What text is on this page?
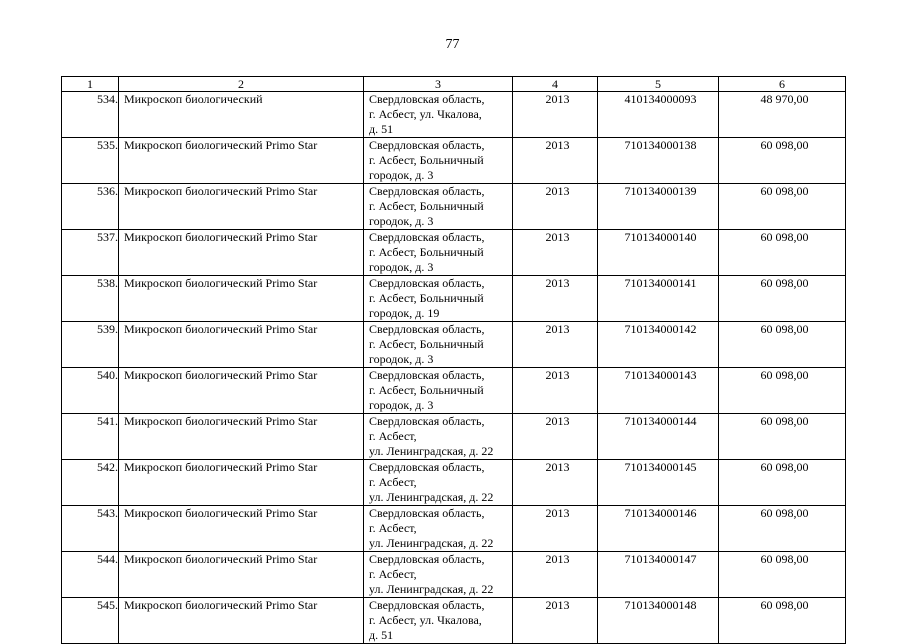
77
1	2	3	4	5	6
534.	Микроскоп биологический	Свердловская область,
г. Асбест, ул. Чкалова,
д. 51	2013	410134000093	48 970,00
535.	Микроскоп биологический Primo Star	Свердловская область,
г. Асбест, Больничный
городок, д. 3	2013	710134000138	60 098,00
536.	Микроскоп биологический Primo Star	Свердловская область,
г. Асбест, Больничный
городок, д. 3	2013	710134000139	60 098,00
537.	Микроскоп биологический Primo Star	Свердловская область,
г. Асбест, Больничный
городок, д. 3	2013	710134000140	60 098,00
538.	Микроскоп биологический Primo Star	Свердловская область,
г. Асбест, Больничный
городок, д. 19	2013	710134000141	60 098,00
539.	Микроскоп биологический Primo Star	Свердловская область,
г. Асбест, Больничный
городок, д. 3	2013	710134000142	60 098,00
540.	Микроскоп биологический Primo Star	Свердловская область,
г. Асбест, Больничный
городок, д. 3	2013	710134000143	60 098,00
541.	Микроскоп биологический Primo Star	Свердловская область,
г. Асбест,
ул. Ленинградская, д. 22	2013	710134000144	60 098,00
542.	Микроскоп биологический Primo Star	Свердловская область,
г. Асбест,
ул. Ленинградская, д. 22	2013	710134000145	60 098,00
543.	Микроскоп биологический Primo Star	Свердловская область,
г. Асбест,
ул. Ленинградская, д. 22	2013	710134000146	60 098,00
544.	Микроскоп биологический Primo Star	Свердловская область,
г. Асбест,
ул. Ленинградская, д. 22	2013	710134000147	60 098,00
545.	Микроскоп биологический Primo Star	Свердловская область,
г. Асбест, ул. Чкалова,
д. 51	2013	710134000148	60 098,00
